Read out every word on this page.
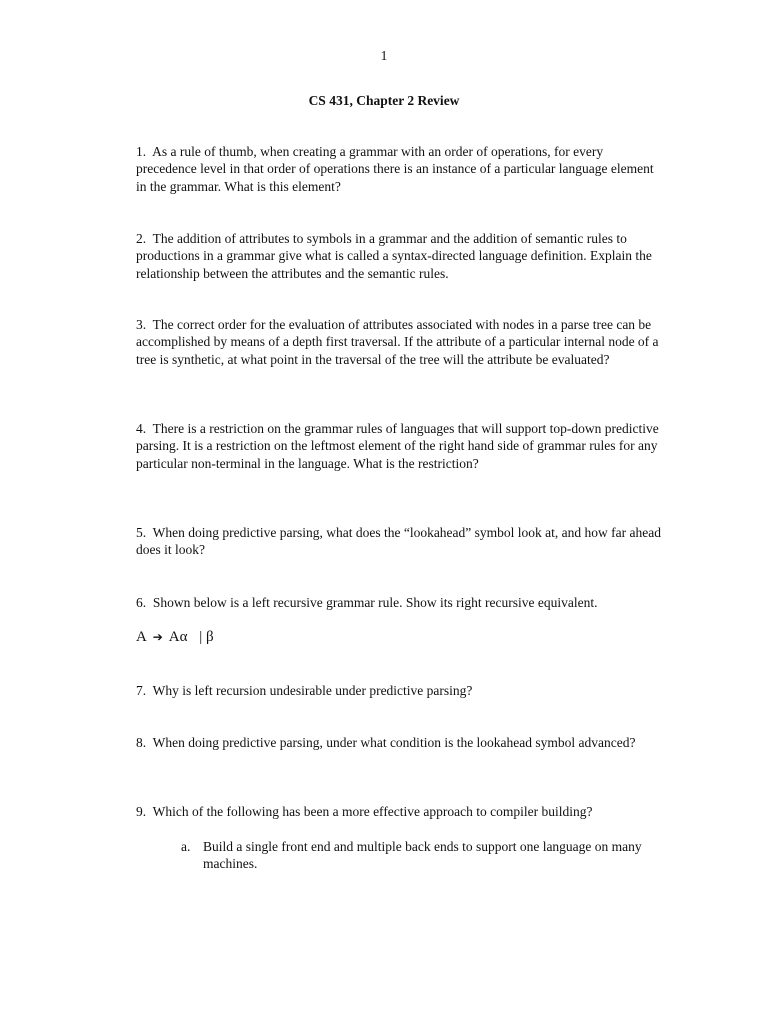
1
CS 431, Chapter 2 Review

1. As a rule of thumb, when creating a grammar with an order of operations, for every precedence level in that order of operations there is an instance of a particular language element in the grammar. What is this element?

2. The addition of attributes to symbols in a grammar and the addition of semantic rules to productions in a grammar give what is called a syntax-directed language definition. Explain the relationship between the attributes and the semantic rules.

3. The correct order for the evaluation of attributes associated with nodes in a parse tree can be accomplished by means of a depth first traversal. If the attribute of a particular internal node of a tree is synthetic, at what point in the traversal of the tree will the attribute be evaluated?

4. There is a restriction on the grammar rules of languages that will support top-down predictive parsing. It is a restriction on the leftmost element of the right hand side of grammar rules for any particular non-terminal in the language. What is the restriction?

5. When doing predictive parsing, what does the “lookahead” symbol look at, and how far ahead does it look?

6. Shown below is a left recursive grammar rule. Show its right recursive equivalent.

A ➔ Aα | β

7. Why is left recursion undesirable under predictive parsing?

8. When doing predictive parsing, under what condition is the lookahead symbol advanced?

9. Which of the following has been a more effective approach to compiler building?

a. Build a single front end and multiple back ends to support one language on many machines.
